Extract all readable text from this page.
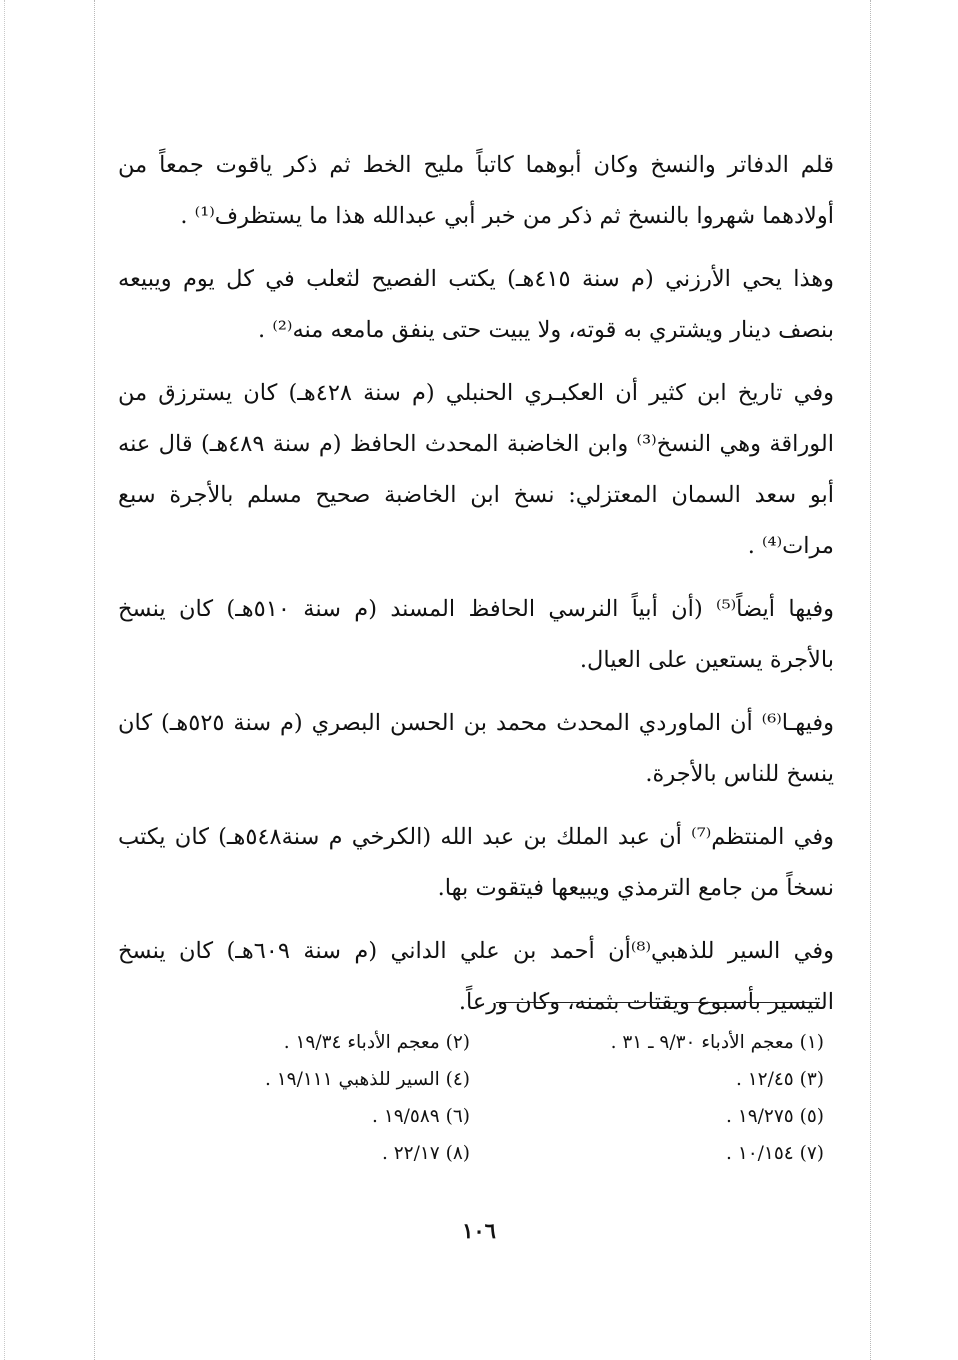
قلم الدفاتر والنسخ وكان أبوهما كاتباً مليح الخط ثم ذكر ياقوت جمعاً من أولادهما شهروا بالنسخ ثم ذكر من خبر أبي عبدالله هذا ما يستظرف⁽¹⁾ .

وهذا يحي الأرزني (م سنة ٤١٥هـ) يكتب الفصيح لثعلب في كل يوم ويبيعه بنصف دينار ويشتري به قوته، ولا يبيت حتى ينفق مامعه منه⁽²⁾ .

وفي تاريخ ابن كثير أن العكبـري الحنبلي (م سنة ٤٢٨هـ) كان يسترزق من الوراقة وهي النسخ⁽³⁾ وابن الخاضبة المحدث الحافظ (م سنة ٤٨٩هـ) قال عنه أبو سعد السمان المعتزلي: نسخ ابن الخاضبة صحيح مسلم بالأجرة سبع مرات⁽⁴⁾ .

وفيها أيضاً⁽⁵⁾ (أن أبياً النرسي الحافظ المسند (م سنة ٥١٠هـ) كان ينسخ بالأجرة يستعين على العيال.

وفيهـا⁽⁶⁾ أن الماوردي المحدث محمد بن الحسن البصري (م سنة ٥٢٥هـ) كان ينسخ للناس بالأجرة.

وفي المنتظم⁽⁷⁾ أن عبد الملك بن عبد الله (الكرخي م سنة٥٤٨هـ) كان يكتب نسخاً من جامع الترمذي ويبيعها فيتقوت بها.

وفي السير للذهبي⁽⁸⁾أن أحمد بن علي الداني (م سنة ٦٠٩هـ) كان ينسخ التيسير بأسبوع ويقتات بثمنه، وكان ورعاً.

(١) معجم الأدباء ٩/٣٠ ـ ٣١ .
(٢) معجم الأدباء ١٩/٣٤ .
(٣) ١٢/٤٥ .
(٤) السير للذهبي ١٩/١١١ .
(٥) ١٩/٢٧٥ .
(٦) ١٩/٥٨٩ .
(٧) ١٠/١٥٤ .
(٨) ٢٢/١٧ .
١٠٦
